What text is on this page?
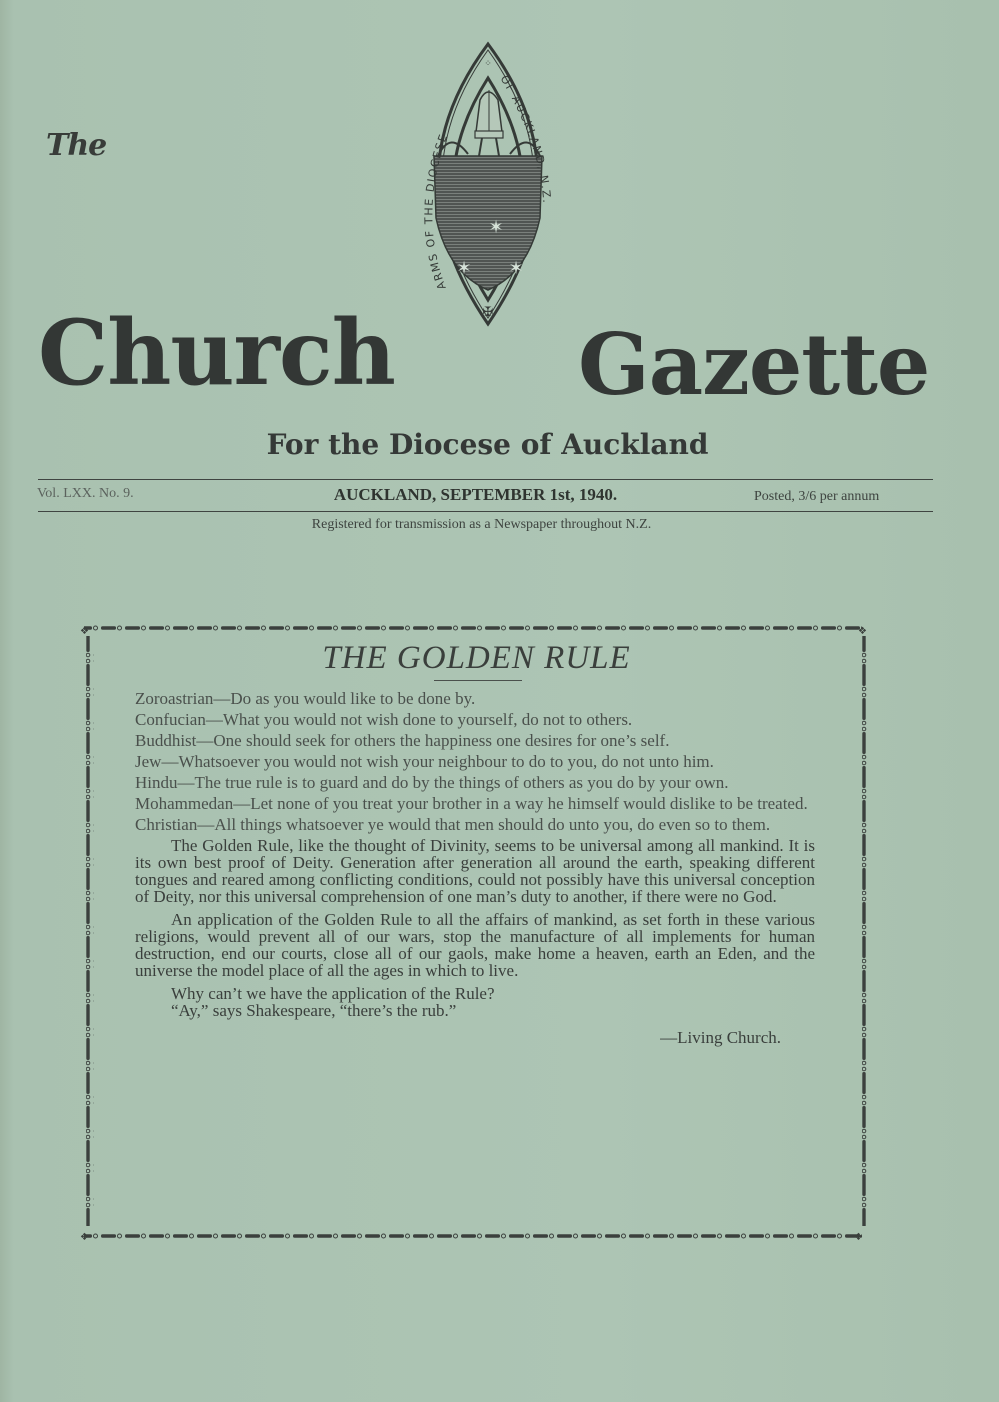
The
✶
✶ ✶
✠
⁘
ARMS OF THE DIOCESE
OF AUCKLAND, N.Z.
Church Gazette
For the Diocese of Auckland
Vol. LXX. No. 9.	AUCKLAND, SEPTEMBER 1st, 1940.	Posted, 3/6 per annum
Registered for transmission as a Newspaper throughout N.Z.
❖	❖
❖	❖
THE GOLDEN RULE

Zoroastrian—Do as you would like to be done by.

Confucian—What you would not wish done to yourself, do not to others.

Buddhist—One should seek for others the happiness one desires for one’s self.

Jew—Whatsoever you would not wish your neighbour to do to you, do not unto him.

Hindu—The true rule is to guard and do by the things of others as you do by your own.

Mohammedan—Let none of you treat your brother in a way he himself would dislike to be treated.

Christian—All things whatsoever ye would that men should do unto you, do even so to them.

The Golden Rule, like the thought of Divinity, seems to be universal among all mankind. It is its own best proof of Deity. Generation after generation all around the earth, speaking different tongues and reared among conflicting conditions, could not possibly have this universal conception of Deity, nor this universal comprehension of one man’s duty to another, if there were no God.

An application of the Golden Rule to all the affairs of mankind, as set forth in these various religions, would prevent all of our wars, stop the manufacture of all implements for human destruction, end our courts, close all of our gaols, make home a heaven, earth an Eden, and the universe the model place of all the ages in which to live.

Why can’t we have the application of the Rule?

“Ay,” says Shakespeare, “there’s the rub.”

—Living Church.
